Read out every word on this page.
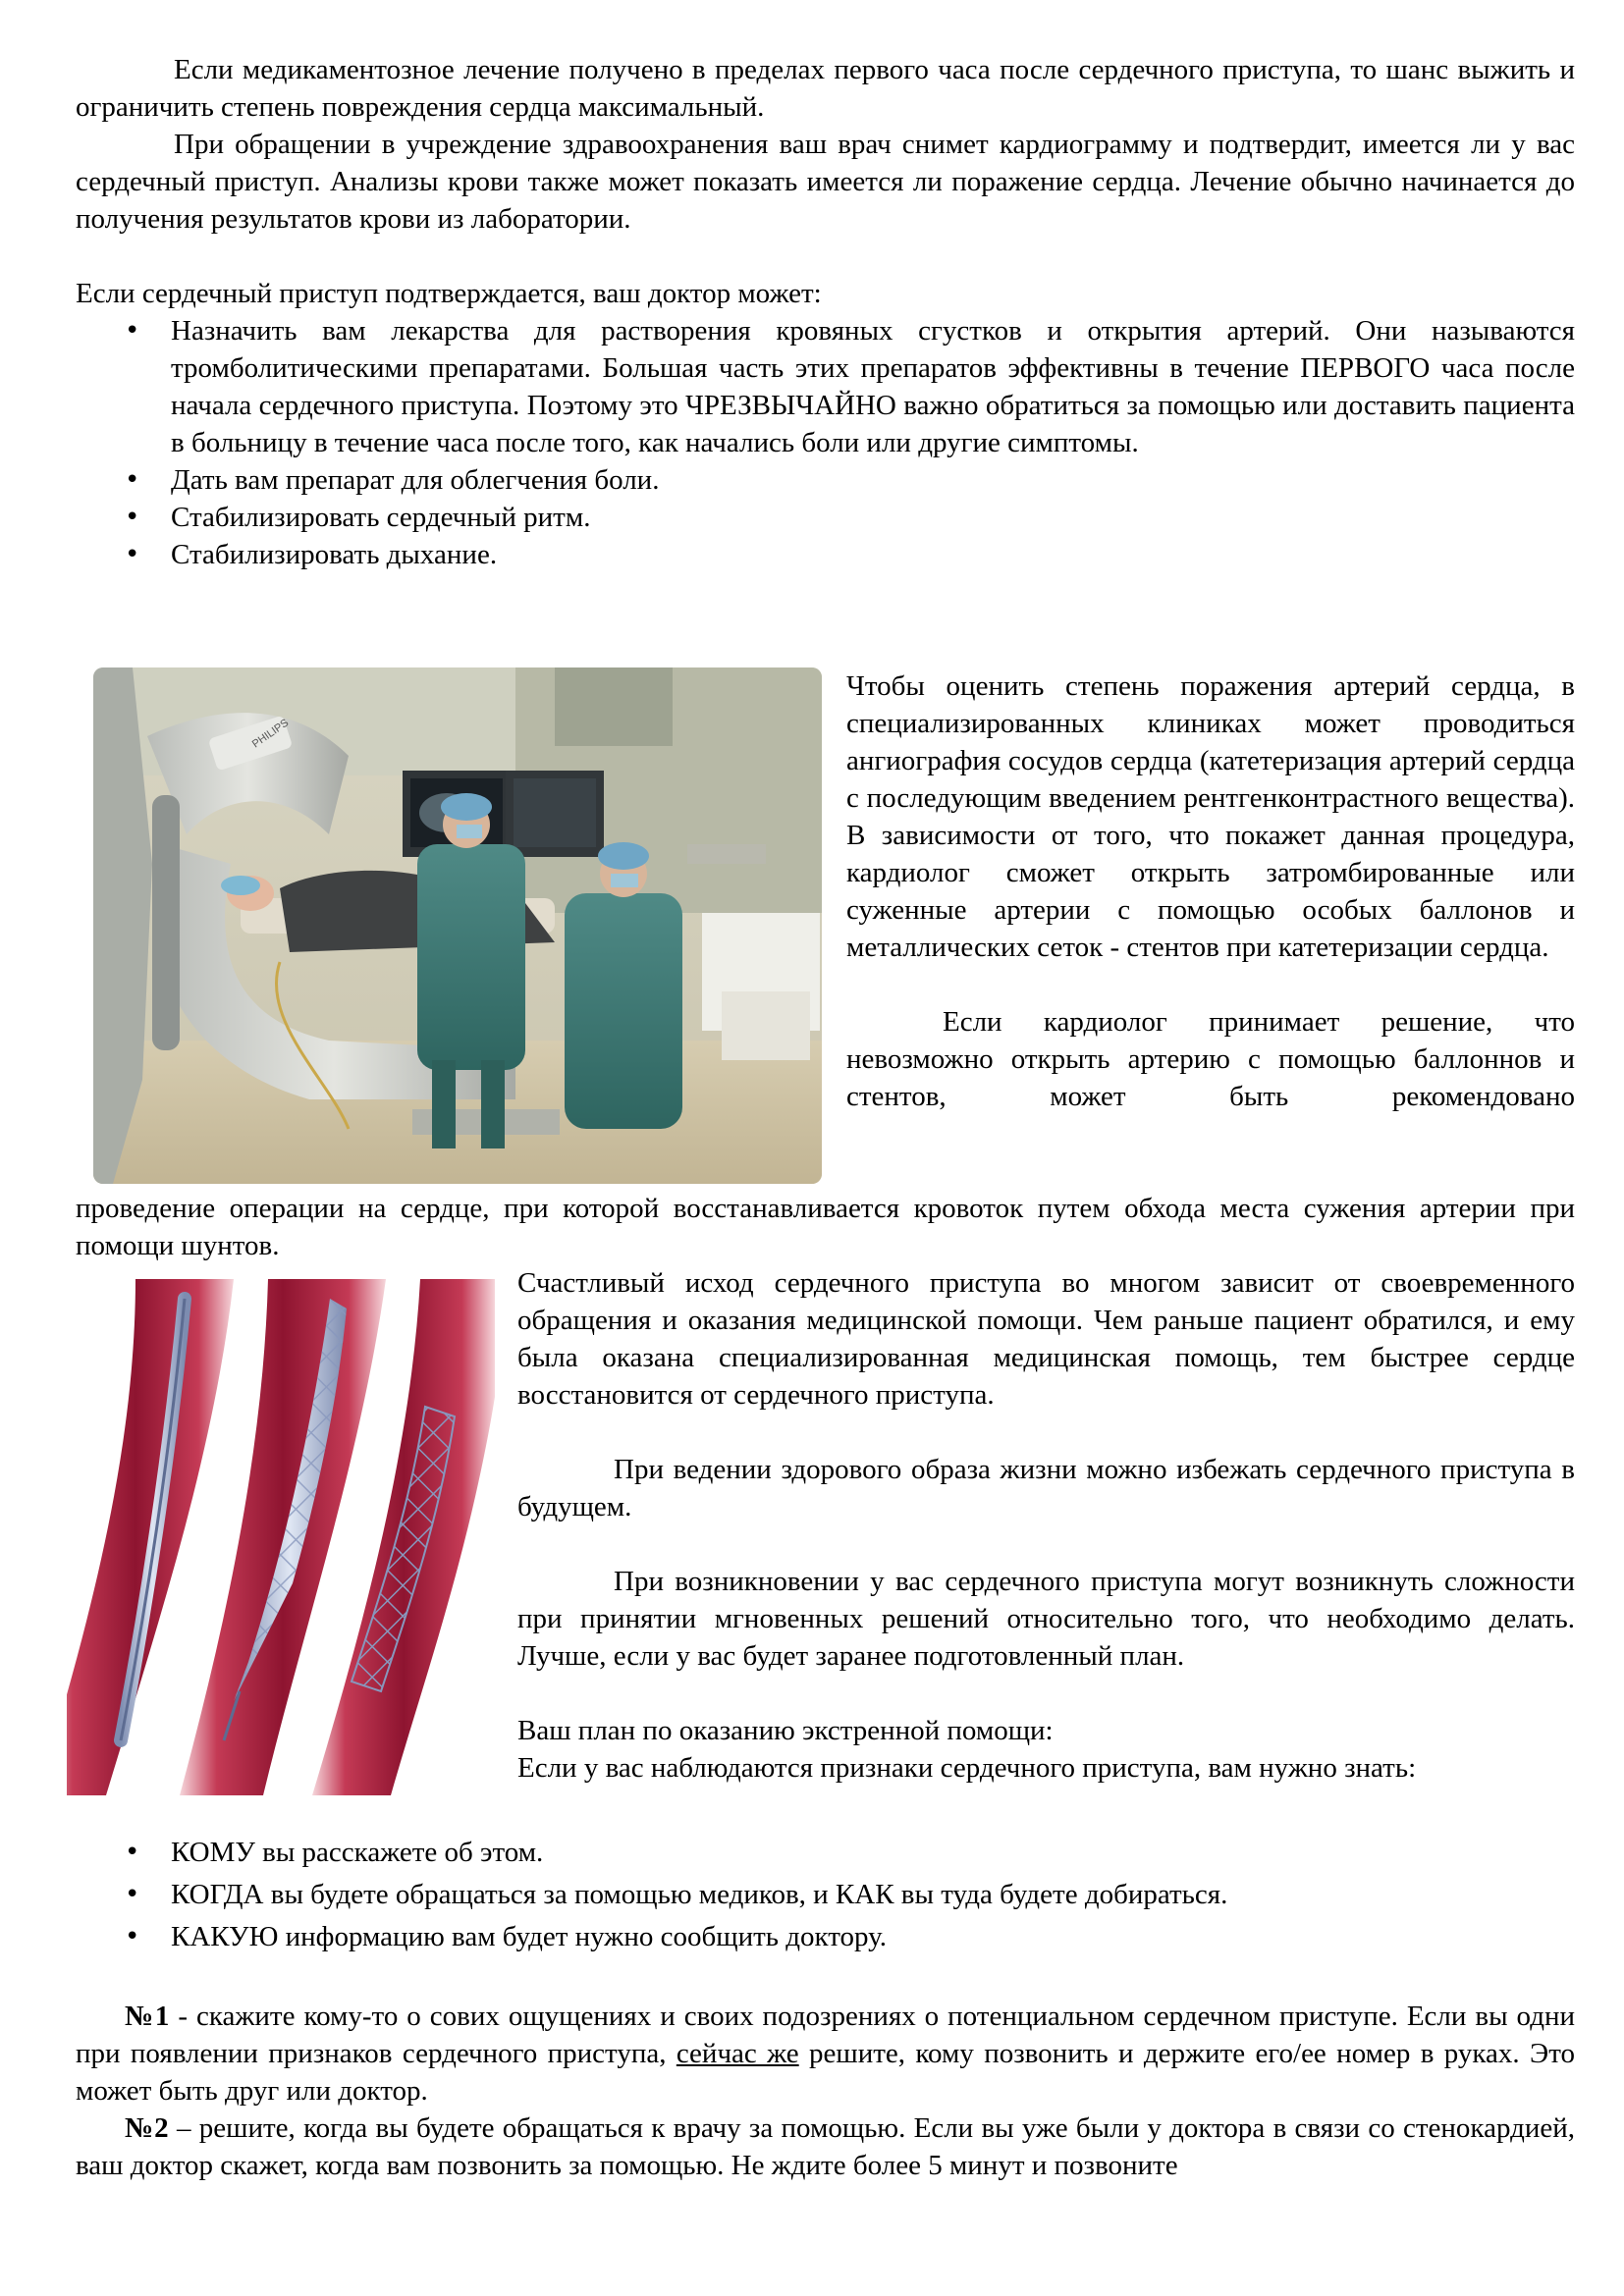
Если медикаментозное лечение получено в пределах первого часа после сердечного приступа, то шанс выжить и ограничить степень повреждения сердца максимальный.

При обращении в учреждение здравоохранения ваш врач снимет кардиограмму и подтвердит, имеется ли у вас сердечный приступ. Анализы крови также может показать имеется ли поражение сердца. Лечение обычно начинается до получения результатов крови из лаборатории.

Если сердечный приступ подтверждается, ваш доктор может:

• Назначить вам лекарства для растворения кровяных сгустков и открытия артерий. Они называются тромболитическими препаратами. Большая часть этих препаратов эффективны в течение ПЕРВОГО часа после начала сердечного приступа. Поэтому это ЧРЕЗВЫЧАЙНО важно обратиться за помощью или доставить пациента в больницу в течение часа после того, как начались боли или другие симптомы.
• Дать вам препарат для облегчения боли.
• Стабилизировать сердечный ритм.
• Стабилизировать дыхание.
PHILIPS

Чтобы оценить степень поражения артерий сердца, в специализированных клиниках может проводиться ангиография сосудов сердца (катетеризация артерий сердца с последующим введением рентгенконтрастного вещества). В зависимости от того, что покажет данная процедура, кардиолог сможет открыть затромбированные или суженные артерии с помощью особых баллонов и металлических сеток - стентов при катетеризации сердца.

Если кардиолог принимает решение, что невозможно открыть артерию с помощью баллоннов и стентов, может быть рекомендовано

проведение операции на сердце, при которой восстанавливается кровоток путем обхода места сужения артерии при помощи шунтов.

Счастливый исход сердечного приступа во многом зависит от своевременного обращения и оказания медицинской помощи. Чем раньше пациент обратился, и ему была оказана специализированная медицинская помощь, тем быстрее сердце восстановится от сердечного приступа.

При ведении здорового образа жизни можно избежать сердечного приступа в будущем.

При возникновении у вас сердечного приступа могут возникнуть сложности при принятии мгновенных решений относительно того, что необходимо делать. Лучше, если у вас будет заранее подготовленный план.

Ваш план по оказанию экстренной помощи:

Если у вас наблюдаются признаки сердечного приступа, вам нужно знать:

• КОМУ вы расскажете об этом.
• КОГДА вы будете обращаться за помощью медиков, и КАК вы туда будете добираться.
• КАКУЮ информацию вам будет нужно сообщить доктору.

№1 - скажите кому-то о сових ощущениях и своих подозрениях о потенциальном сердечном приступе. Если вы одни при появлении признаков сердечного приступа, сейчас же решите, кому позвонить и держите его/ее номер в руках. Это может быть друг или доктор.

№2 – решите, когда вы будете обращаться к врачу за помощью. Если вы уже были у доктора в связи со стенокардией, ваш доктор скажет, когда вам позвонить за помощью. Не ждите более 5 минут и позвоните
